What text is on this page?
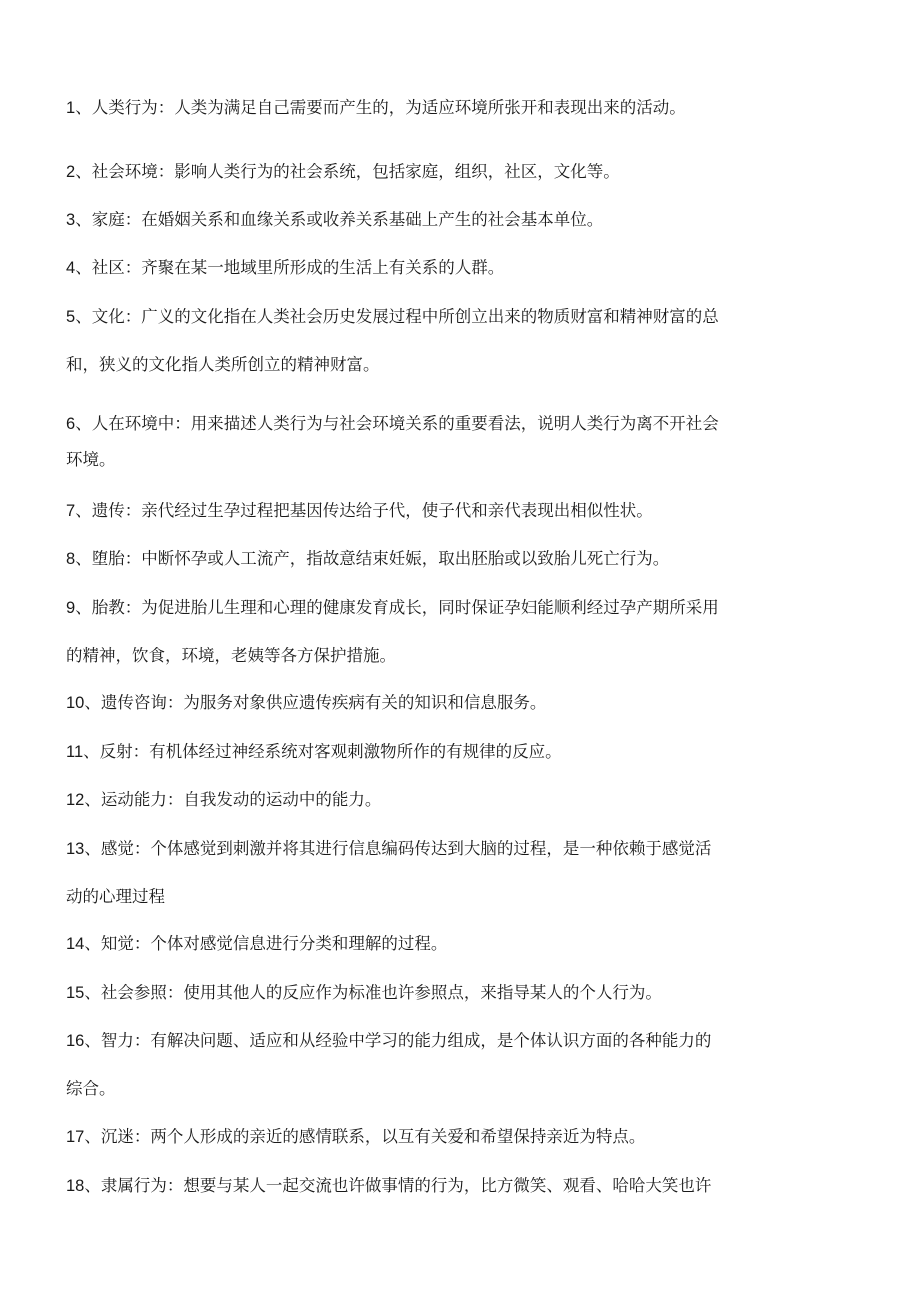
1、人类行为：人类为满足自己需要而产生的，为适应环境所张开和表现出来的活动。
2、社会环境：影响人类行为的社会系统，包括家庭，组织，社区，文化等。
3、家庭：在婚姻关系和血缘关系或收养关系基础上产生的社会基本单位。
4、社区：齐聚在某一地域里所形成的生活上有关系的人群。
5、文化：广义的文化指在人类社会历史发展过程中所创立出来的物质财富和精神财富的总
和，狭义的文化指人类所创立的精神财富。
6、人在环境中：用来描述人类行为与社会环境关系的重要看法，说明人类行为离不开社会
环境。
7、遗传：亲代经过生孕过程把基因传达给子代，使子代和亲代表现出相似性状。
8、堕胎：中断怀孕或人工流产，指故意结束妊娠，取出胚胎或以致胎儿死亡行为。
9、胎教：为促进胎儿生理和心理的健康发育成长，同时保证孕妇能顺利经过孕产期所采用
的精神，饮食，环境，老姨等各方保护措施。
10、遗传咨询：为服务对象供应遗传疾病有关的知识和信息服务。
11、反射：有机体经过神经系统对客观刺激物所作的有规律的反应。
12、运动能力：自我发动的运动中的能力。
13、感觉：个体感觉到刺激并将其进行信息编码传达到大脑的过程，是一种依赖于感觉活
动的心理过程
14、知觉：个体对感觉信息进行分类和理解的过程。
15、社会参照：使用其他人的反应作为标准也许参照点，来指导某人的个人行为。
16、智力：有解决问题、适应和从经验中学习的能力组成，是个体认识方面的各种能力的
综合。
17、沉迷：两个人形成的亲近的感情联系，以互有关爱和希望保持亲近为特点。
18、隶属行为：想要与某人一起交流也许做事情的行为，比方微笑、观看、哈哈大笑也许
